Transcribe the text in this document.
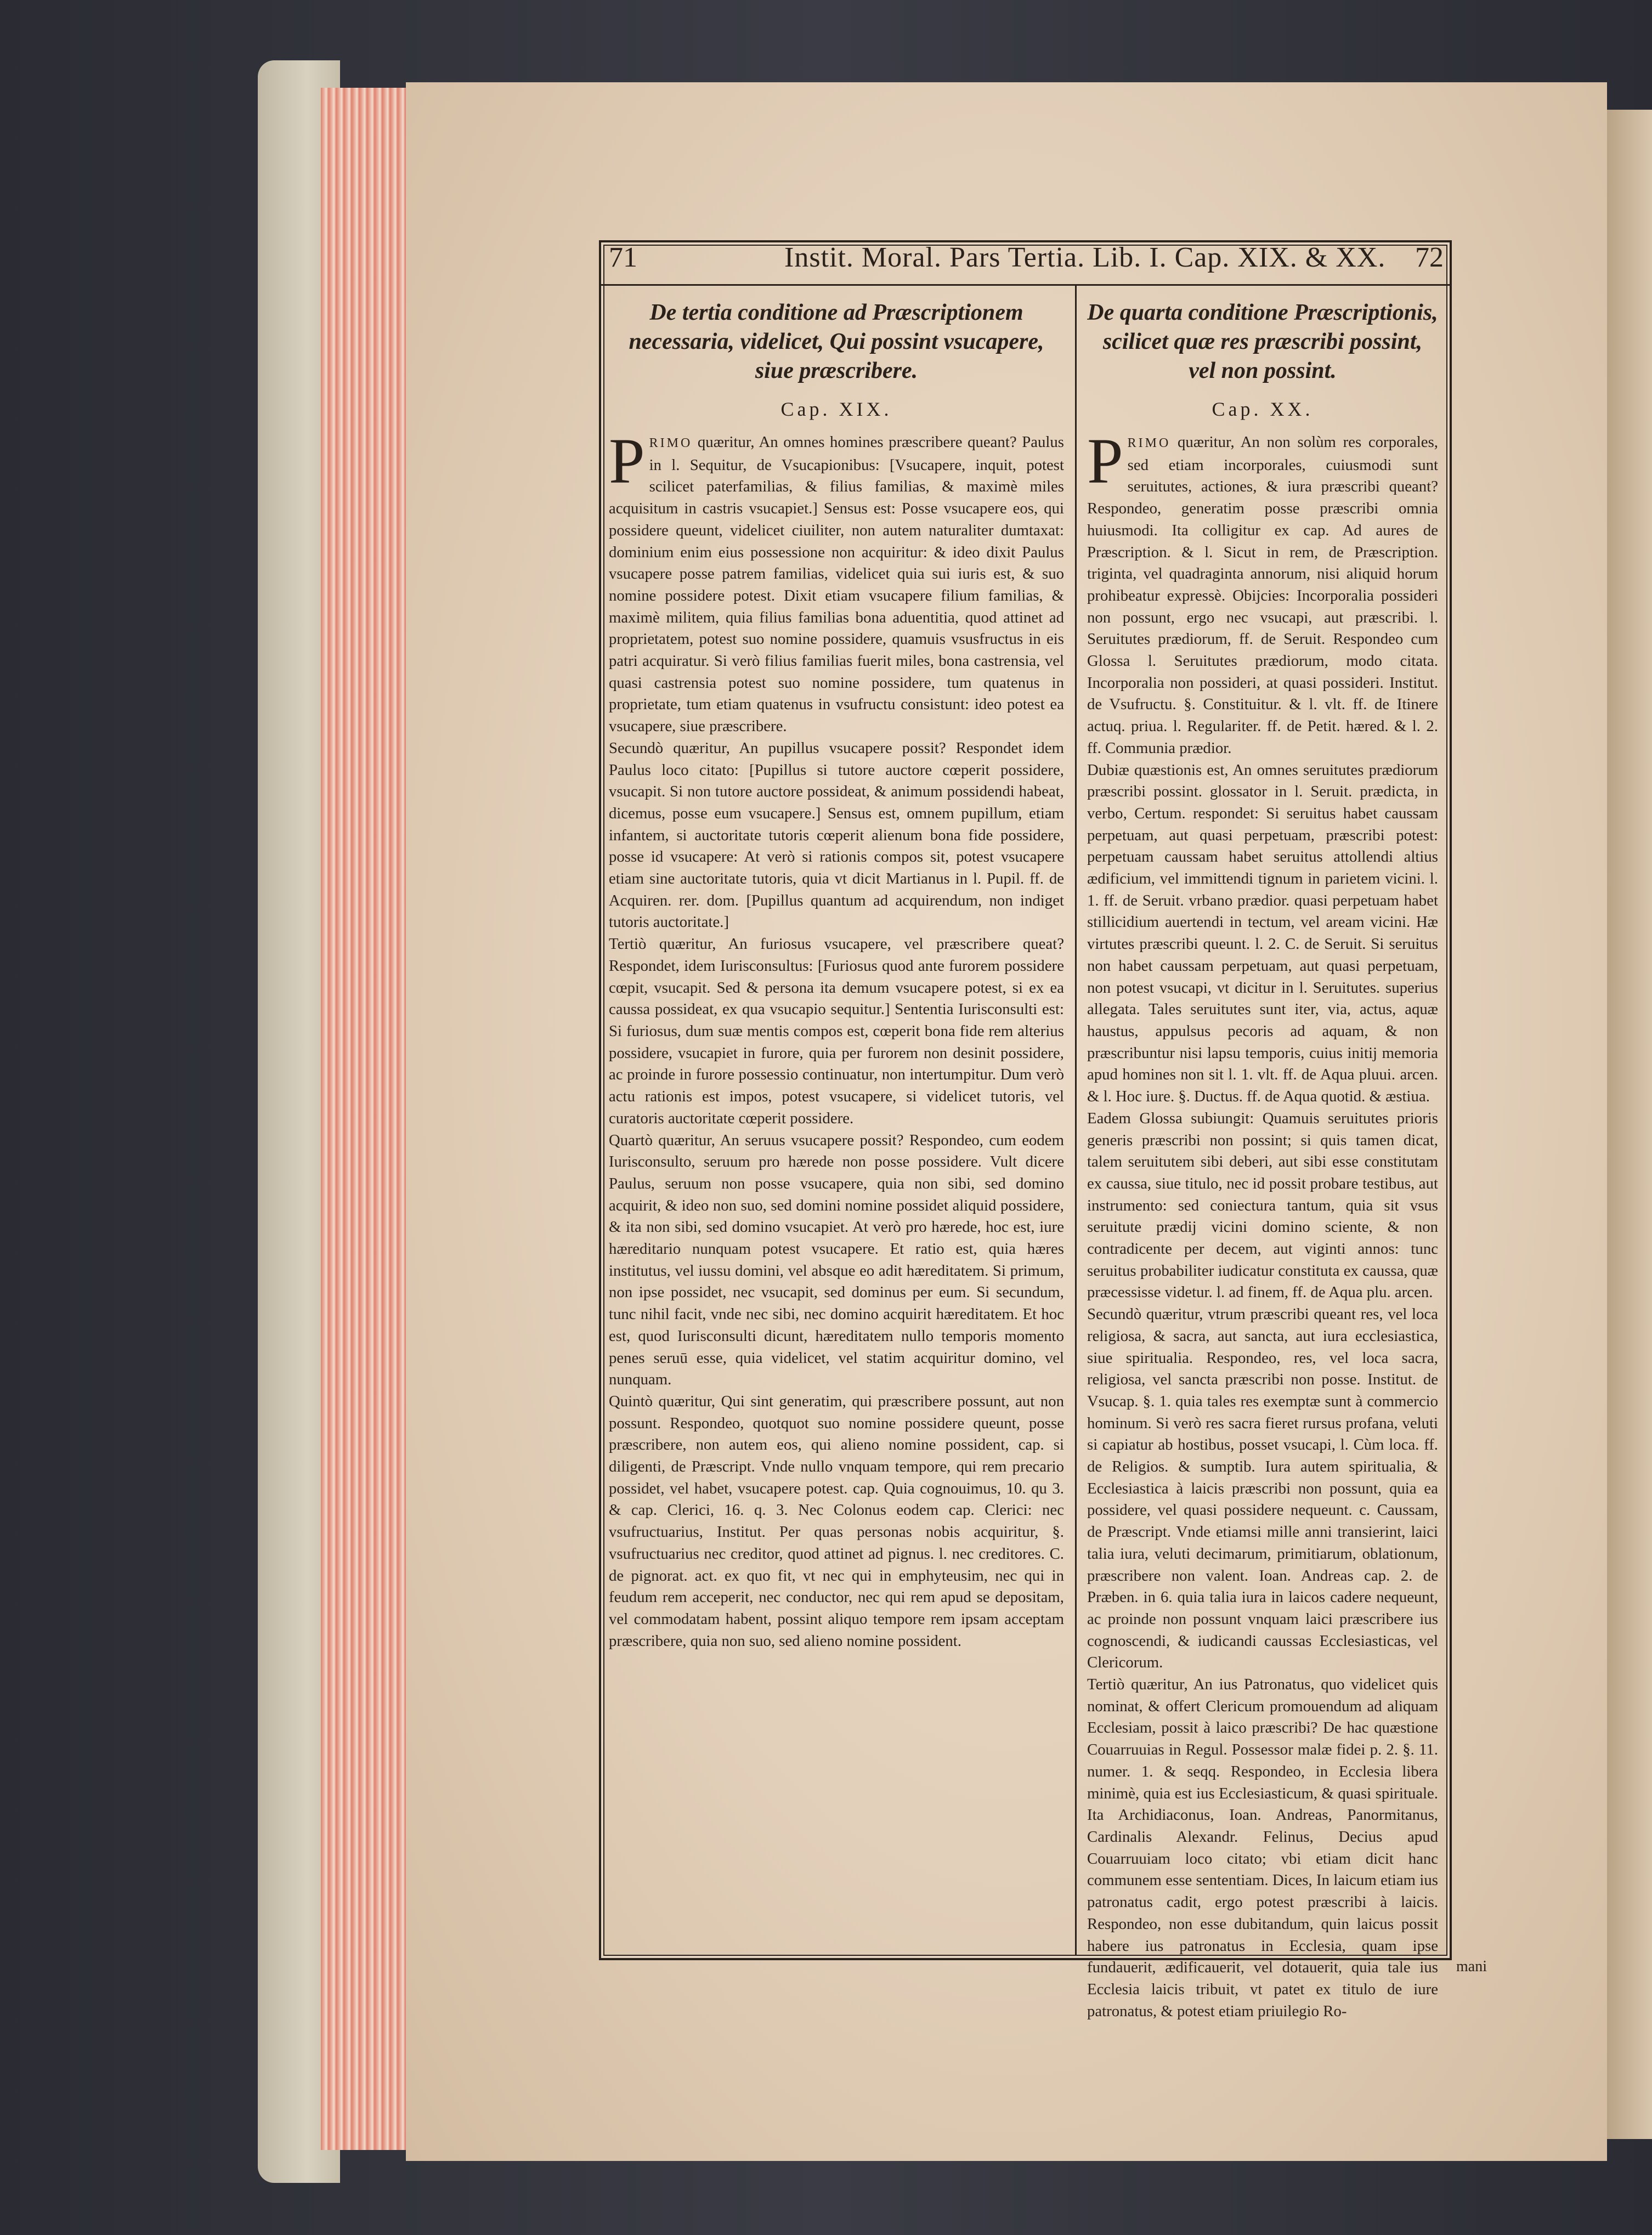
71	Instit. Moral. Pars Tertia. Lib. I. Cap. XIX. & XX. 72
De tertia conditione ad Præscriptionem necessaria, videlicet, Qui possint vsucapere, siue præscribere.
Cap. XIX.
P RIMO quæritur, An omnes homines præscribere queant? Paulus in l. Sequitur, de Vsucapionibus: [Vsucapere, inquit, potest scilicet paterfamilias, & filius familias, & maximè miles acquisitum in castris vsucapiet.] Sensus est: Posse vsucapere eos, qui possidere queunt, videlicet ciuiliter, non autem naturaliter dumtaxat: dominium enim eius possessione non acquiritur: & ideo dixit Paulus vsucapere posse patrem familias, videlicet quia sui iuris est, & suo nomine possidere potest. Dixit etiam vsucapere filium familias, & maximè militem, quia filius familias bona aduentitia, quod attinet ad proprietatem, potest suo nomine possidere, quamuis vsusfructus in eis patri acquiratur. Si verò filius familias fuerit miles, bona castrensia, vel quasi castrensia potest suo nomine possidere, tum quatenus in proprietate, tum etiam quatenus in vsufructu consistunt: ideo potest ea vsucapere, siue præscribere.
Secundò quæritur, An pupillus vsucapere possit? Respondet idem Paulus loco citato: [Pupillus si tutore auctore cœperit possidere, vsucapit. Si non tutore auctore possideat, & animum possidendi habeat, dicemus, posse eum vsucapere.] Sensus est, omnem pupillum, etiam infantem, si auctoritate tutoris cœperit alienum bona fide possidere, posse id vsucapere: At verò si rationis compos sit, potest vsucapere etiam sine auctoritate tutoris, quia vt dicit Martianus in l. Pupil. ff. de Acquiren. rer. dom. [Pupillus quantum ad acquirendum, non indiget tutoris auctoritate.]
Tertiò quæritur, An furiosus vsucapere, vel præscribere queat? Respondet, idem Iurisconsultus: [Furiosus quod ante furorem possidere cœpit, vsucapit. Sed & persona ita demum vsucapere potest, si ex ea caussa possideat, ex qua vsucapio sequitur.] Sententia Iurisconsulti est: Si furiosus, dum suæ mentis compos est, cœperit bona fide rem alterius possidere, vsucapiet in furore, quia per furorem non desinit possidere, ac proinde in furore possessio continuatur, non intertumpitur. Dum verò actu rationis est impos, potest vsucapere, si videlicet tutoris, vel curatoris auctoritate cœperit possidere.
Quartò quæritur, An seruus vsucapere possit? Respondeo, cum eodem Iurisconsulto, seruum pro hærede non posse possidere. Vult dicere Paulus, seruum non posse vsucapere, quia non sibi, sed domino acquirit, & ideo non suo, sed domini nomine possidet aliquid possidere, & ita non sibi, sed domino vsucapiet. At verò pro hærede, hoc est, iure hæreditario nunquam potest vsucapere. Et ratio est, quia hæres institutus, vel iussu domini, vel absque eo adit hæreditatem. Si primum, non ipse possidet, nec vsucapit, sed dominus per eum. Si secundum, tunc nihil facit, vnde nec sibi, nec domino acquirit hæreditatem. Et hoc est, quod Iurisconsulti dicunt, hæreditatem nullo temporis momento penes seruū esse, quia videlicet, vel statim acquiritur domino, vel nunquam.
Quintò quæritur, Qui sint generatim, qui præscribere possunt, aut non possunt. Respondeo, quotquot suo nomine possidere queunt, posse præscribere, non autem eos, qui alieno nomine possident, cap. si diligenti, de Præscript. Vnde nullo vnquam tempore, qui rem precario possidet, vel habet, vsucapere potest. cap. Quia cognouimus, 10. qu 3. & cap. Clerici, 16. q. 3. Nec Colonus eodem cap. Clerici: nec vsufructuarius, Institut. Per quas personas nobis acquiritur, §. vsufructuarius nec creditor, quod attinet ad pignus. l. nec creditores. C. de pignorat. act. ex quo fit, vt nec qui in emphyteusim, nec qui in feudum rem acceperit, nec conductor, nec qui rem apud se depositam, vel commodatam habent, possint aliquo tempore rem ipsam acceptam præscribere, quia non suo, sed alieno nomine possident.
De quarta conditione Præscriptionis, scilicet quæ res præscribi possint, vel non possint.
Cap. XX.
P RIMO quæritur, An non solùm res corporales, sed etiam incorporales, cuiusmodi sunt seruitutes, actiones, & iura præscribi queant? Respondeo, generatim posse præscribi omnia huiusmodi. Ita colligitur ex cap. Ad aures de Præscription. & l. Sicut in rem, de Præscription. triginta, vel quadraginta annorum, nisi aliquid horum prohibeatur expressè. Obijcies: Incorporalia possideri non possunt, ergo nec vsucapi, aut præscribi. l. Seruitutes prædiorum, ff. de Seruit. Respondeo cum Glossa l. Seruitutes prædiorum, modo citata. Incorporalia non possideri, at quasi possideri. Institut. de Vsufructu. §. Constituitur. & l. vlt. ff. de Itinere actuq. priua. l. Regulariter. ff. de Petit. hæred. & l. 2. ff. Communia prædior.
Dubiæ quæstionis est, An omnes seruitutes prædiorum præscribi possint. glossator in l. Seruit. prædicta, in verbo, Certum. respondet: Si seruitus habet caussam perpetuam, aut quasi perpetuam, præscribi potest: perpetuam caussam habet seruitus attollendi altius ædificium, vel immittendi tignum in parietem vicini. l. 1. ff. de Seruit. vrbano prædior. quasi perpetuam habet stillicidium auertendi in tectum, vel aream vicini. Hæ virtutes præscribi queunt. l. 2. C. de Seruit. Si seruitus non habet caussam perpetuam, aut quasi perpetuam, non potest vsucapi, vt dicitur in l. Seruitutes. superius allegata. Tales seruitutes sunt iter, via, actus, aquæ haustus, appulsus pecoris ad aquam, & non præscribuntur nisi lapsu temporis, cuius initij memoria apud homines non sit l. 1. vlt. ff. de Aqua pluui. arcen. & l. Hoc iure. §. Ductus. ff. de Aqua quotid. & æstiua.
Eadem Glossa subiungit: Quamuis seruitutes prioris generis præscribi non possint; si quis tamen dicat, talem seruitutem sibi deberi, aut sibi esse constitutam ex caussa, siue titulo, nec id possit probare testibus, aut instrumento: sed coniectura tantum, quia sit vsus seruitute prædij vicini domino sciente, & non contradicente per decem, aut viginti annos: tunc seruitus probabiliter iudicatur constituta ex caussa, quæ præcessisse videtur. l. ad finem, ff. de Aqua plu. arcen.
Secundò quæritur, vtrum præscribi queant res, vel loca religiosa, & sacra, aut sancta, aut iura ecclesiastica, siue spiritualia. Respondeo, res, vel loca sacra, religiosa, vel sancta præscribi non posse. Institut. de Vsucap. §. 1. quia tales res exemptæ sunt à commercio hominum. Si verò res sacra fieret rursus profana, veluti si capiatur ab hostibus, posset vsucapi, l. Cùm loca. ff. de Religios. & sumptib. Iura autem spiritualia, & Ecclesiastica à laicis præscribi non possunt, quia ea possidere, vel quasi possidere nequeunt. c. Caussam, de Præscript. Vnde etiamsi mille anni transierint, laici talia iura, veluti decimarum, primitiarum, oblationum, præscribere non valent. Ioan. Andreas cap. 2. de Præben. in 6. quia talia iura in laicos cadere nequeunt, ac proinde non possunt vnquam laici præscribere ius cognoscendi, & iudicandi caussas Ecclesiasticas, vel Clericorum.
Tertiò quæritur, An ius Patronatus, quo videlicet quis nominat, & offert Clericum promouendum ad aliquam Ecclesiam, possit à laico præscribi? De hac quæstione Couarruuias in Regul. Possessor malæ fidei p. 2. §. 11. numer. 1. & seqq. Respondeo, in Ecclesia libera minimè, quia est ius Ecclesiasticum, & quasi spirituale. Ita Archidiaconus, Ioan. Andreas, Panormitanus, Cardinalis Alexandr. Felinus, Decius apud Couarruuiam loco citato; vbi etiam dicit hanc communem esse sententiam. Dices, In laicum etiam ius patronatus cadit, ergo potest præscribi à laicis. Respondeo, non esse dubitandum, quin laicus possit habere ius patronatus in Ecclesia, quam ipse fundauerit, ædificauerit, vel dotauerit, quia tale ius Ecclesia laicis tribuit, vt patet ex titulo de iure patronatus, & potest etiam priuilegio Ro-
mani
